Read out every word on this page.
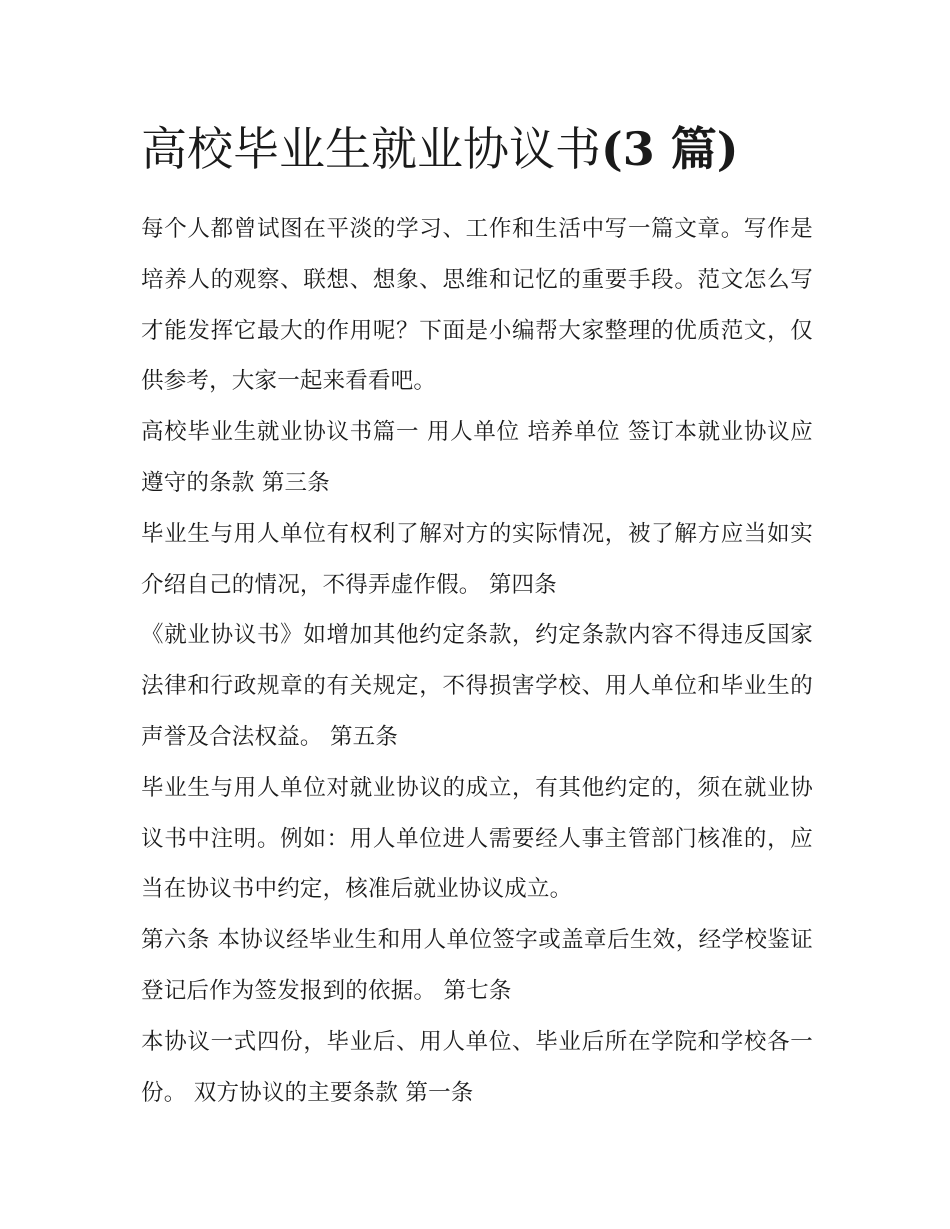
高校毕业生就业协议书(3 篇)

每个人都曾试图在平淡的学习、工作和生活中写一篇文章。写作是培养人的观察、联想、想象、思维和记忆的重要手段。范文怎么写才能发挥它最大的作用呢？下面是小编帮大家整理的优质范文，仅供参考，大家一起来看看吧。

高校毕业生就业协议书篇一 用人单位 培养单位 签订本就业协议应遵守的条款 第三条

毕业生与用人单位有权利了解对方的实际情况，被了解方应当如实介绍自己的情况，不得弄虚作假。 第四条

《就业协议书》如增加其他约定条款，约定条款内容不得违反国家法律和行政规章的有关规定，不得损害学校、用人单位和毕业生的声誉及合法权益。 第五条

毕业生与用人单位对就业协议的成立，有其他约定的，须在就业协议书中注明。例如：用人单位进人需要经人事主管部门核准的，应当在协议书中约定，核准后就业协议成立。

第六条 本协议经毕业生和用人单位签字或盖章后生效，经学校鉴证登记后作为签发报到的依据。 第七条

本协议一式四份，毕业后、用人单位、毕业后所在学院和学校各一份。 双方协议的主要条款 第一条
